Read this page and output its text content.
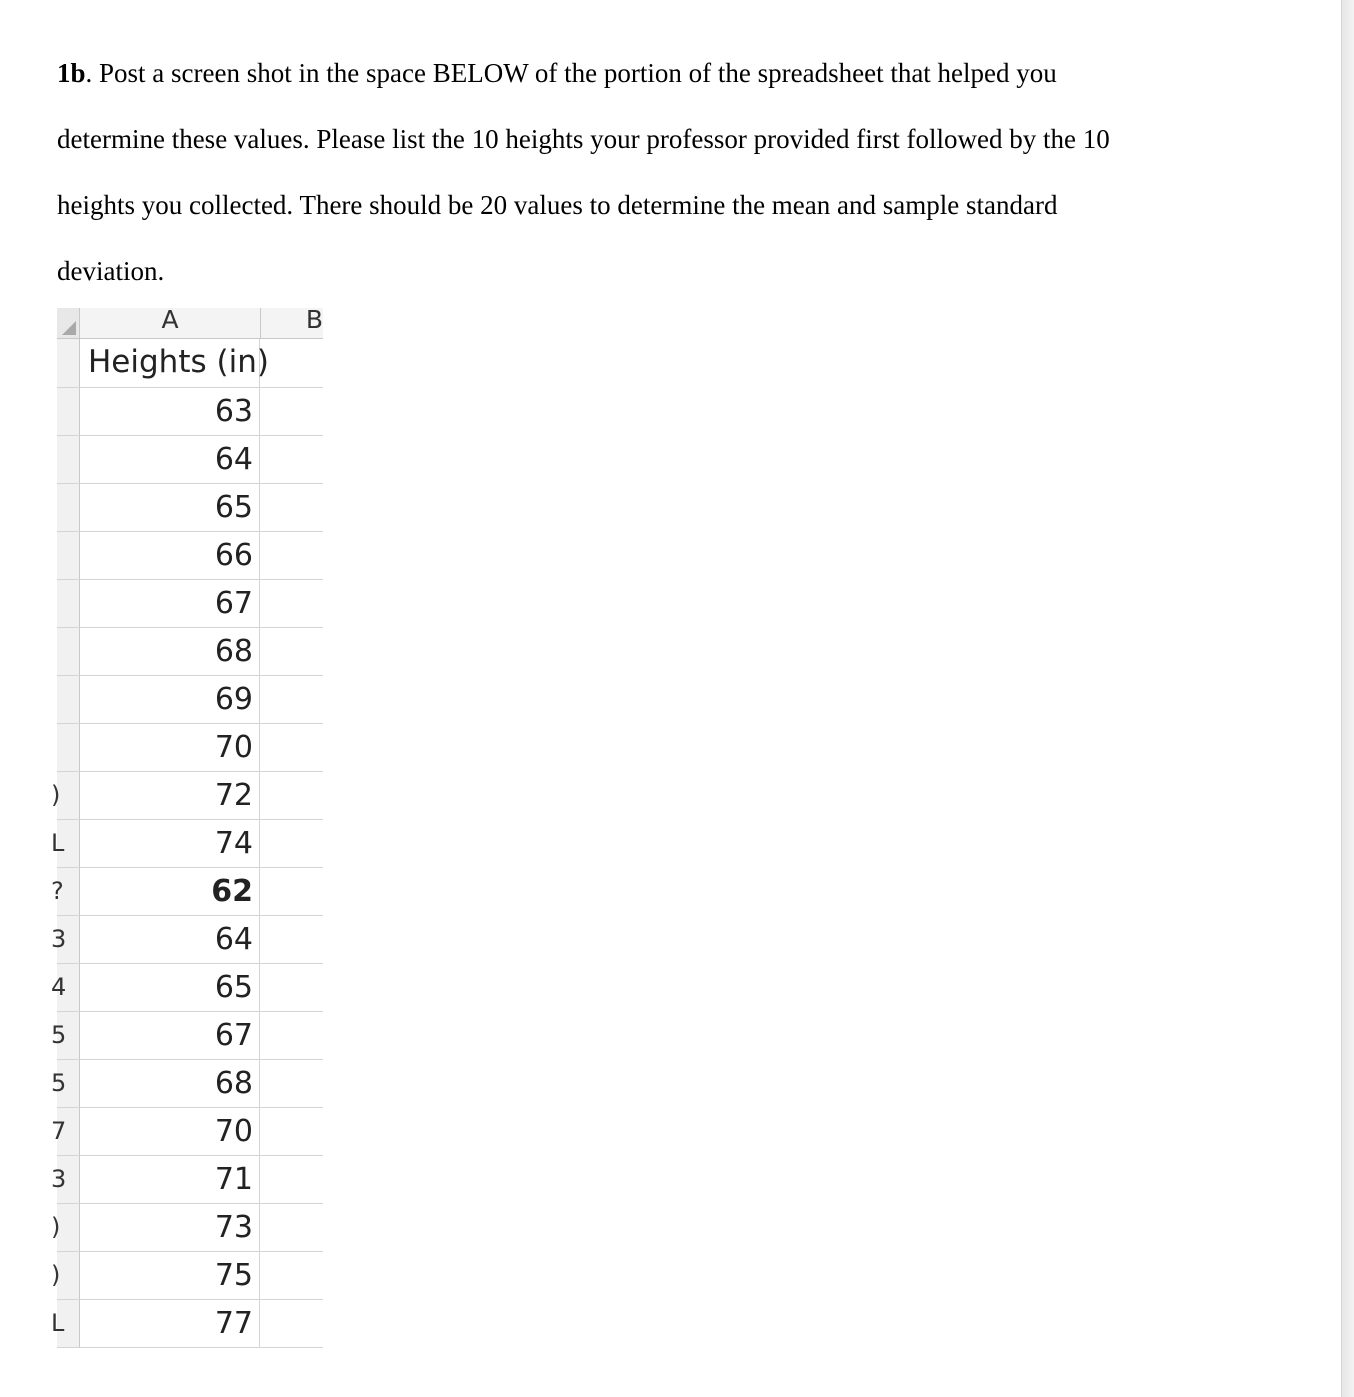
1b. Post a screen shot in the space BELOW of the portion of the spreadsheet that helped you
determine these values. Please list the 10 heights your professor provided first followed by the 10
heights you collected. There should be 20 values to determine the mean and sample standard
deviation.
A	B
Heights (in)
63
64
65
66
67
68
69
70
)	72
L	74
?	62
3	64
4	65
5	67
5	68
7	70
3	71
)	73
)	75
L	77
